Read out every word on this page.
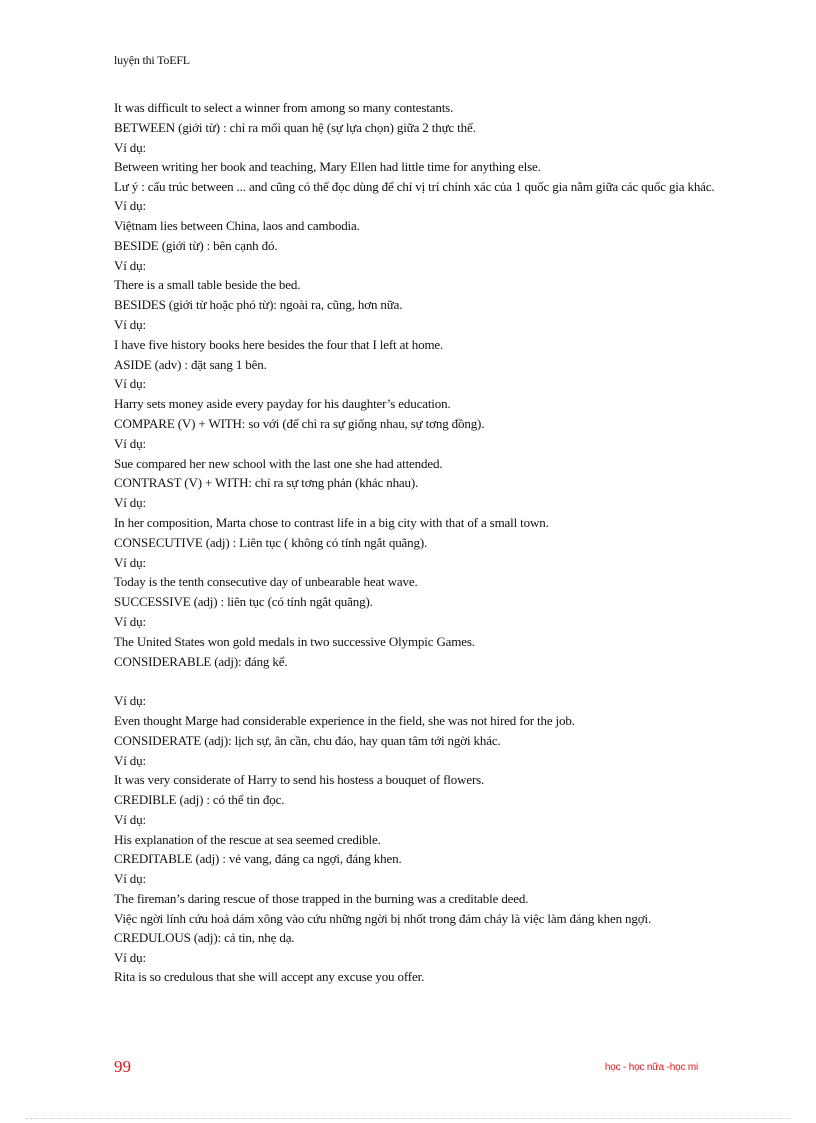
luyện thi ToEFL
It was difficult to select a winner from among so many contestants.
BETWEEN (giới từ) : chỉ ra mối quan hệ (sự lựa chọn) giữa 2 thực thể.
Ví dụ:
Between writing her book and teaching, Mary Ellen had little time for anything else.
Lư ý : cấu trúc between ... and cũng có thể đọc dùng để chỉ vị trí chính xác của 1 quốc gia nằm giữa các quốc gia khác.
Ví dụ:
Việtnam lies between China, laos and cambodia.
BESIDE (giới từ) : bên cạnh đó.
Ví dụ:
There is a small table beside the bed.
BESIDES (giới từ hoặc phó từ): ngoài ra, cũng, hơn nữa.
Ví dụ:
I have five history books here besides the four that I left at home.
ASIDE (adv) : đặt sang 1 bên.
Ví dụ:
Harry sets money aside every payday for his daughter’s education.
COMPARE (V) + WITH: so với (để chỉ ra sự giống nhau, sự tơng đồng).
Ví dụ:
Sue compared her new school with the last one she had attended.
CONTRAST (V) + WITH: chỉ ra sự tơng phản (khác nhau).
Ví dụ:
In her composition, Marta chose to contrast life in a big city with that of a small town.
CONSECUTIVE (adj) : Liên tục ( không có tính ngắt quãng).
Ví dụ:
Today is the tenth consecutive day of unbearable heat wave.
SUCCESSIVE (adj) : liên tục (có tính ngắt quãng).
Ví dụ:
The United States won gold medals in two successive Olympic Games.
CONSIDERABLE (adj): đáng kể.
Ví dụ:
Even thought Marge had considerable experience in the field, she was not hired for the job.
CONSIDERATE (adj): lịch sự, ân cần, chu đáo, hay quan tâm tới ngời khác.
Ví dụ:
It was very considerate of Harry to send his hostess a bouquet of flowers.
CREDIBLE (adj) : có thể tin đọc.
Ví dụ:
His explanation of the rescue at sea seemed credible.
CREDITABLE (adj) : vẻ vang, đáng ca ngợi, đáng khen.
Ví dụ:
The fireman’s daring rescue of those trapped in the burning was a creditable deed.
Việc ngời lính cứu hoả dám xông vào cứu những ngời bị nhốt trong đám cháy là việc làm đáng khen ngợi.
CREDULOUS (adj): cả tin, nhẹ dạ.
Ví dụ:
Rita is so credulous that she will accept any excuse you offer.
99	học - học nữa -học mi
